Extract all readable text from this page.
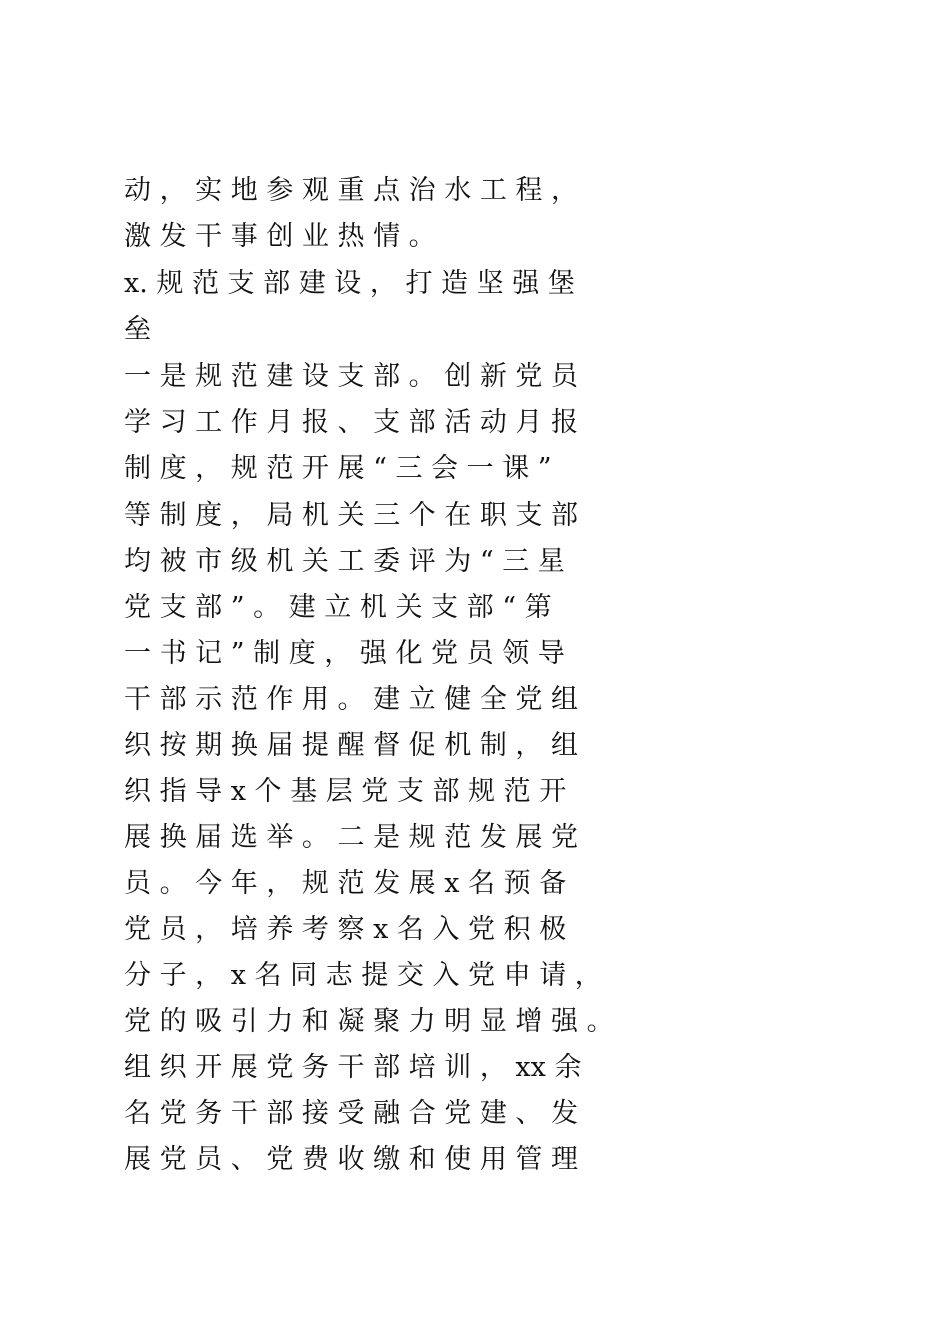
动 ， 实 地 参 观 重 点 治 水 工 程 ，
激 发 干 事 创 业 热 情 。
x. 规 范 支 部 建 设 ， 打 造 坚 强 堡
垒
一 是 规 范 建 设 支 部 。 创 新 党 员
学 习 工 作 月 报 、 支 部 活 动 月 报
制 度 ， 规 范 开 展 “ 三 会 一 课 ”
等 制 度 ， 局 机 关 三 个 在 职 支 部
均 被 市 级 机 关 工 委 评 为 “ 三 星
党 支 部 ” 。 建 立 机 关 支 部 “ 第
一 书 记 ” 制 度 ， 强 化 党 员 领 导
干 部 示 范 作 用 。 建 立 健 全 党 组
织 按 期 换 届 提 醒 督 促 机 制 ， 组
织 指 导 x 个 基 层 党 支 部 规 范 开
展 换 届 选 举 。 二 是 规 范 发 展 党
员 。 今 年 ， 规 范 发 展 x 名 预 备
党 员 ， 培 养 考 察 x 名 入 党 积 极
分 子 ， x 名 同 志 提 交 入 党 申 请 ，
党 的 吸 引 力 和 凝 聚 力 明 显 增 强 。
组 织 开 展 党 务 干 部 培 训 ， xx 余
名 党 务 干 部 接 受 融 合 党 建 、 发
展 党 员 、 党 费 收 缴 和 使 用 管 理
